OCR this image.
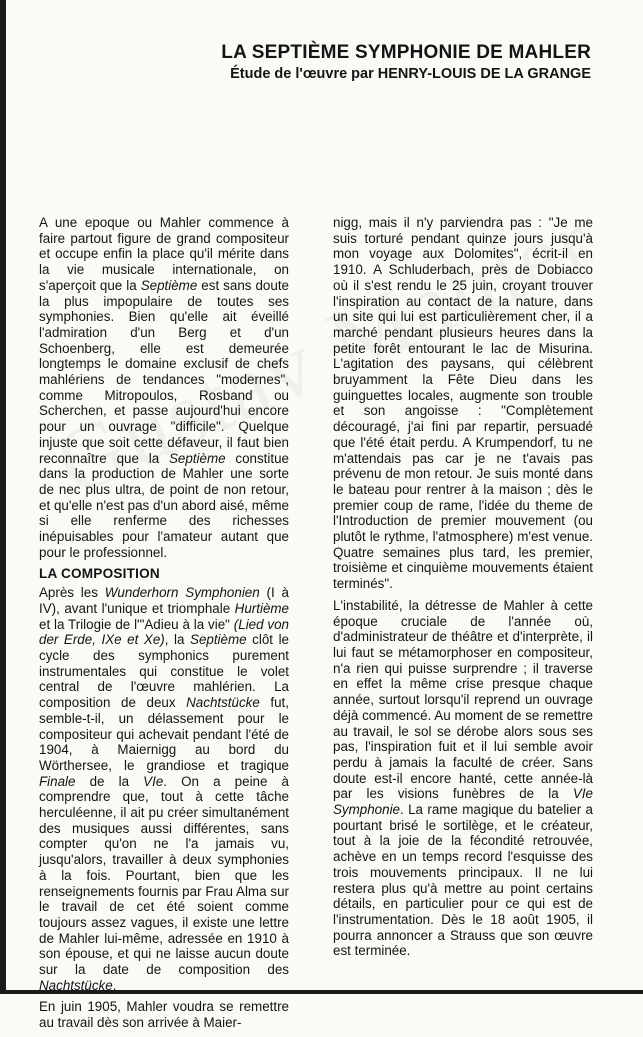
LA SEPTIÈME SYMPHONIE DE MAHLER
Étude de l'œuvre par HENRY-LOUIS DE LA GRANGE

A une epoque ou Mahler commence à faire partout figure de grand compositeur et occupe enfin la place qu'il mérite dans la vie musicale internationale, on s'aperçoit que la Septième est sans doute la plus impopulaire de toutes ses symphonies. Bien qu'elle ait éveillé l'admiration d'un Berg et d'un Schoenberg, elle est demeurée longtemps le domaine exclusif de chefs mahlériens de tendances "modernes", comme Mitropoulos, Rosband ou Scherchen, et passe aujourd'hui encore pour un ouvrage "difficile". Quelque injuste que soit cette défaveur, il faut bien reconnaître que la Septième constitue dans la production de Mahler une sorte de nec plus ultra, de point de non retour, et qu'elle n'est pas d'un abord aisé, même si elle renferme des richesses inépuisables pour l'amateur autant que pour le professionnel.

LA COMPOSITION

Après les Wunderhorn Symphonien (I à IV), avant l'unique et triomphale Hurtième et la Trilogie de l'"Adieu à la vie" (Lied von der Erde, IXe et Xe), la Septième clôt le cycle des symphonics purement instrumentales qui constitue le volet central de l'œuvre mahlérien. La composition de deux Nachtstücke fut, semble-t-il, un délassement pour le compositeur qui achevait pendant l'été de 1904, à Maiernigg au bord du Wörthersee, le grandiose et tragique Finale de la VIe. On a peine à comprendre que, tout à cette tâche herculéenne, il ait pu créer simultanément des musiques aussi différentes, sans compter qu'on ne l'a jamais vu, jusqu'alors, travailler à deux symphonies à la fois. Pourtant, bien que les renseignements fournis par Frau Alma sur le travail de cet été soient comme toujours assez vagues, il existe une lettre de Mahler lui-même, adressée en 1910 à son épouse, et qui ne laisse aucun doute sur la date de composition des Nachtstücke.

En juin 1905, Mahler voudra se remettre au travail dès son arrivée à Maier-

nigg, mais il n'y parviendra pas : "Je me suis torturé pendant quinze jours jusqu'à mon voyage aux Dolomites", écrit-il en 1910. A Schluderbach, près de Dobiacco où il s'est rendu le 25 juin, croyant trouver l'inspiration au contact de la nature, dans un site qui lui est particulièrement cher, il a marché pendant plusieurs heures dans la petite forêt entourant le lac de Misurina. L'agitation des paysans, qui célèbrent bruyamment la Fête Dieu dans les guinguettes locales, augmente son trouble et son angoisse : "Complètement découragé, j'ai fini par repartir, persuadé que l'été était perdu. A Krumpendorf, tu ne m'attendais pas car je ne t'avais pas prévenu de mon retour. Je suis monté dans le bateau pour rentrer à la maison ; dès le premier coup de rame, l'idée du theme de l'Introduction de premier mouvement (ou plutôt le rythme, l'atmosphere) m'est venue. Quatre semaines plus tard, les premier, troisième et cinquième mouvements étaient terminés".

L'instabilité, la détresse de Mahler à cette époque cruciale de l'année où, d'administrateur de théâtre et d'interprète, il lui faut se métamorphoser en compositeur, n'a rien qui puisse surprendre ; il traverse en effet la même crise presque chaque année, surtout lorsqu'il reprend un ouvrage déjà commencé. Au moment de se remettre au travail, le sol se dérobe alors sous ses pas, l'inspiration fuit et il lui semble avoir perdu à jamais la faculté de créer. Sans doute est-il encore hanté, cette année-là par les visions funèbres de la VIe Symphonie. La rame magique du batelier a pourtant brisé le sortilège, et le créateur, tout à la joie de la fécondité retrouvée, achève en un temps record l'esquisse des trois mouvements principaux. Il ne lui restera plus qu'à mettre au point certains détails, en particulier pour ce qui est de l'instrumentation. Dès le 18 août 1905, il pourra annoncer a Strauss que son œuvre est terminée.
